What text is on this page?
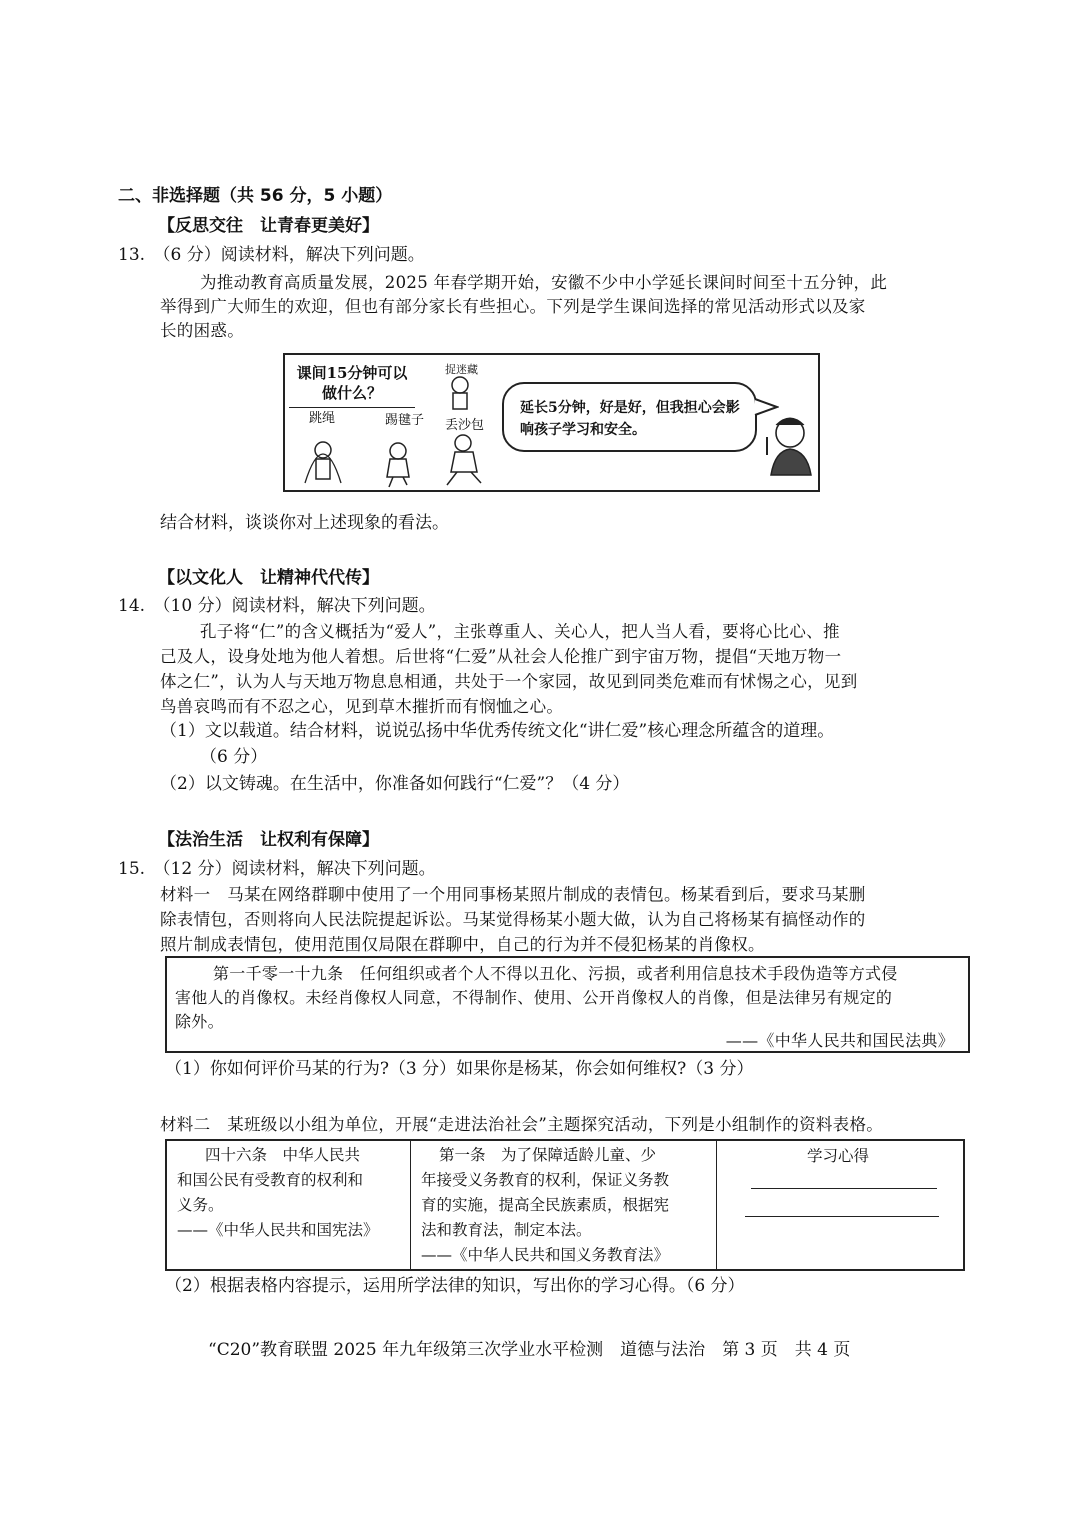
二、非选择题（共 56 分，5 小题）
【反思交往　让青春更美好】
13.　（6 分）阅读材料，解决下列问题。
为推动教育高质量发展，2025 年春学期开始，安徽不少中小学延长课间时间至十五分钟，此
举得到广大师生的欢迎，但也有部分家长有些担心。下列是学生课间选择的常见活动形式以及家
长的困惑。
课间15分钟可以做什么？
跳绳	踢毽子
捉迷藏
丢沙包
延长5分钟，好是好，但我担心会影响孩子学习和安全。
结合材料，谈谈你对上述现象的看法。
【以文化人　让精神代代传】
14.　（10 分）阅读材料，解决下列问题。
孔子将“仁”的含义概括为“爱人”，主张尊重人、关心人，把人当人看，要将心比心、推
己及人，设身处地为他人着想。后世将“仁爱”从社会人伦推广到宇宙万物，提倡“天地万物一
体之仁”，认为人与天地万物息息相通，共处于一个家园，故见到同类危难而有怵惕之心，见到
鸟兽哀鸣而有不忍之心，见到草木摧折而有悯恤之心。
（1）文以载道。结合材料，说说弘扬中华优秀传统文化“讲仁爱”核心理念所蕴含的道理。
（6 分）
（2）以文铸魂。在生活中，你准备如何践行“仁爱”？（4 分）
【法治生活　让权利有保障】
15.　（12 分）阅读材料，解决下列问题。
材料一　马某在网络群聊中使用了一个用同事杨某照片制成的表情包。杨某看到后，要求马某删
除表情包，否则将向人民法院提起诉讼。马某觉得杨某小题大做，认为自己将杨某有搞怪动作的
照片制成表情包，使用范围仅局限在群聊中，自己的行为并不侵犯杨某的肖像权。
第一千零一十九条　任何组织或者个人不得以丑化、污损，或者利用信息技术手段伪造等方式侵
害他人的肖像权。未经肖像权人同意，不得制作、使用、公开肖像权人的肖像，但是法律另有规定的
除外。
——《中华人民共和国民法典》
（1）你如何评价马某的行为?（3 分）如果你是杨某，你会如何维权?（3 分）
材料二　某班级以小组为单位，开展“走进法治社会”主题探究活动，下列是小组制作的资料表格。
四十六条　中华人民共
和国公民有受教育的权利和
义务。
——《中华人民共和国宪法》
第一条　为了保障适龄儿童、少
年接受义务教育的权利，保证义务教
育的实施，提高全民族素质，根据宪
法和教育法，制定本法。
——《中华人民共和国义务教育法》
学习心得
（2）根据表格内容提示，运用所学法律的知识，写出你的学习心得。（6 分）
“C20”教育联盟 2025 年九年级第三次学业水平检测　道德与法治　第 3 页　共 4 页
